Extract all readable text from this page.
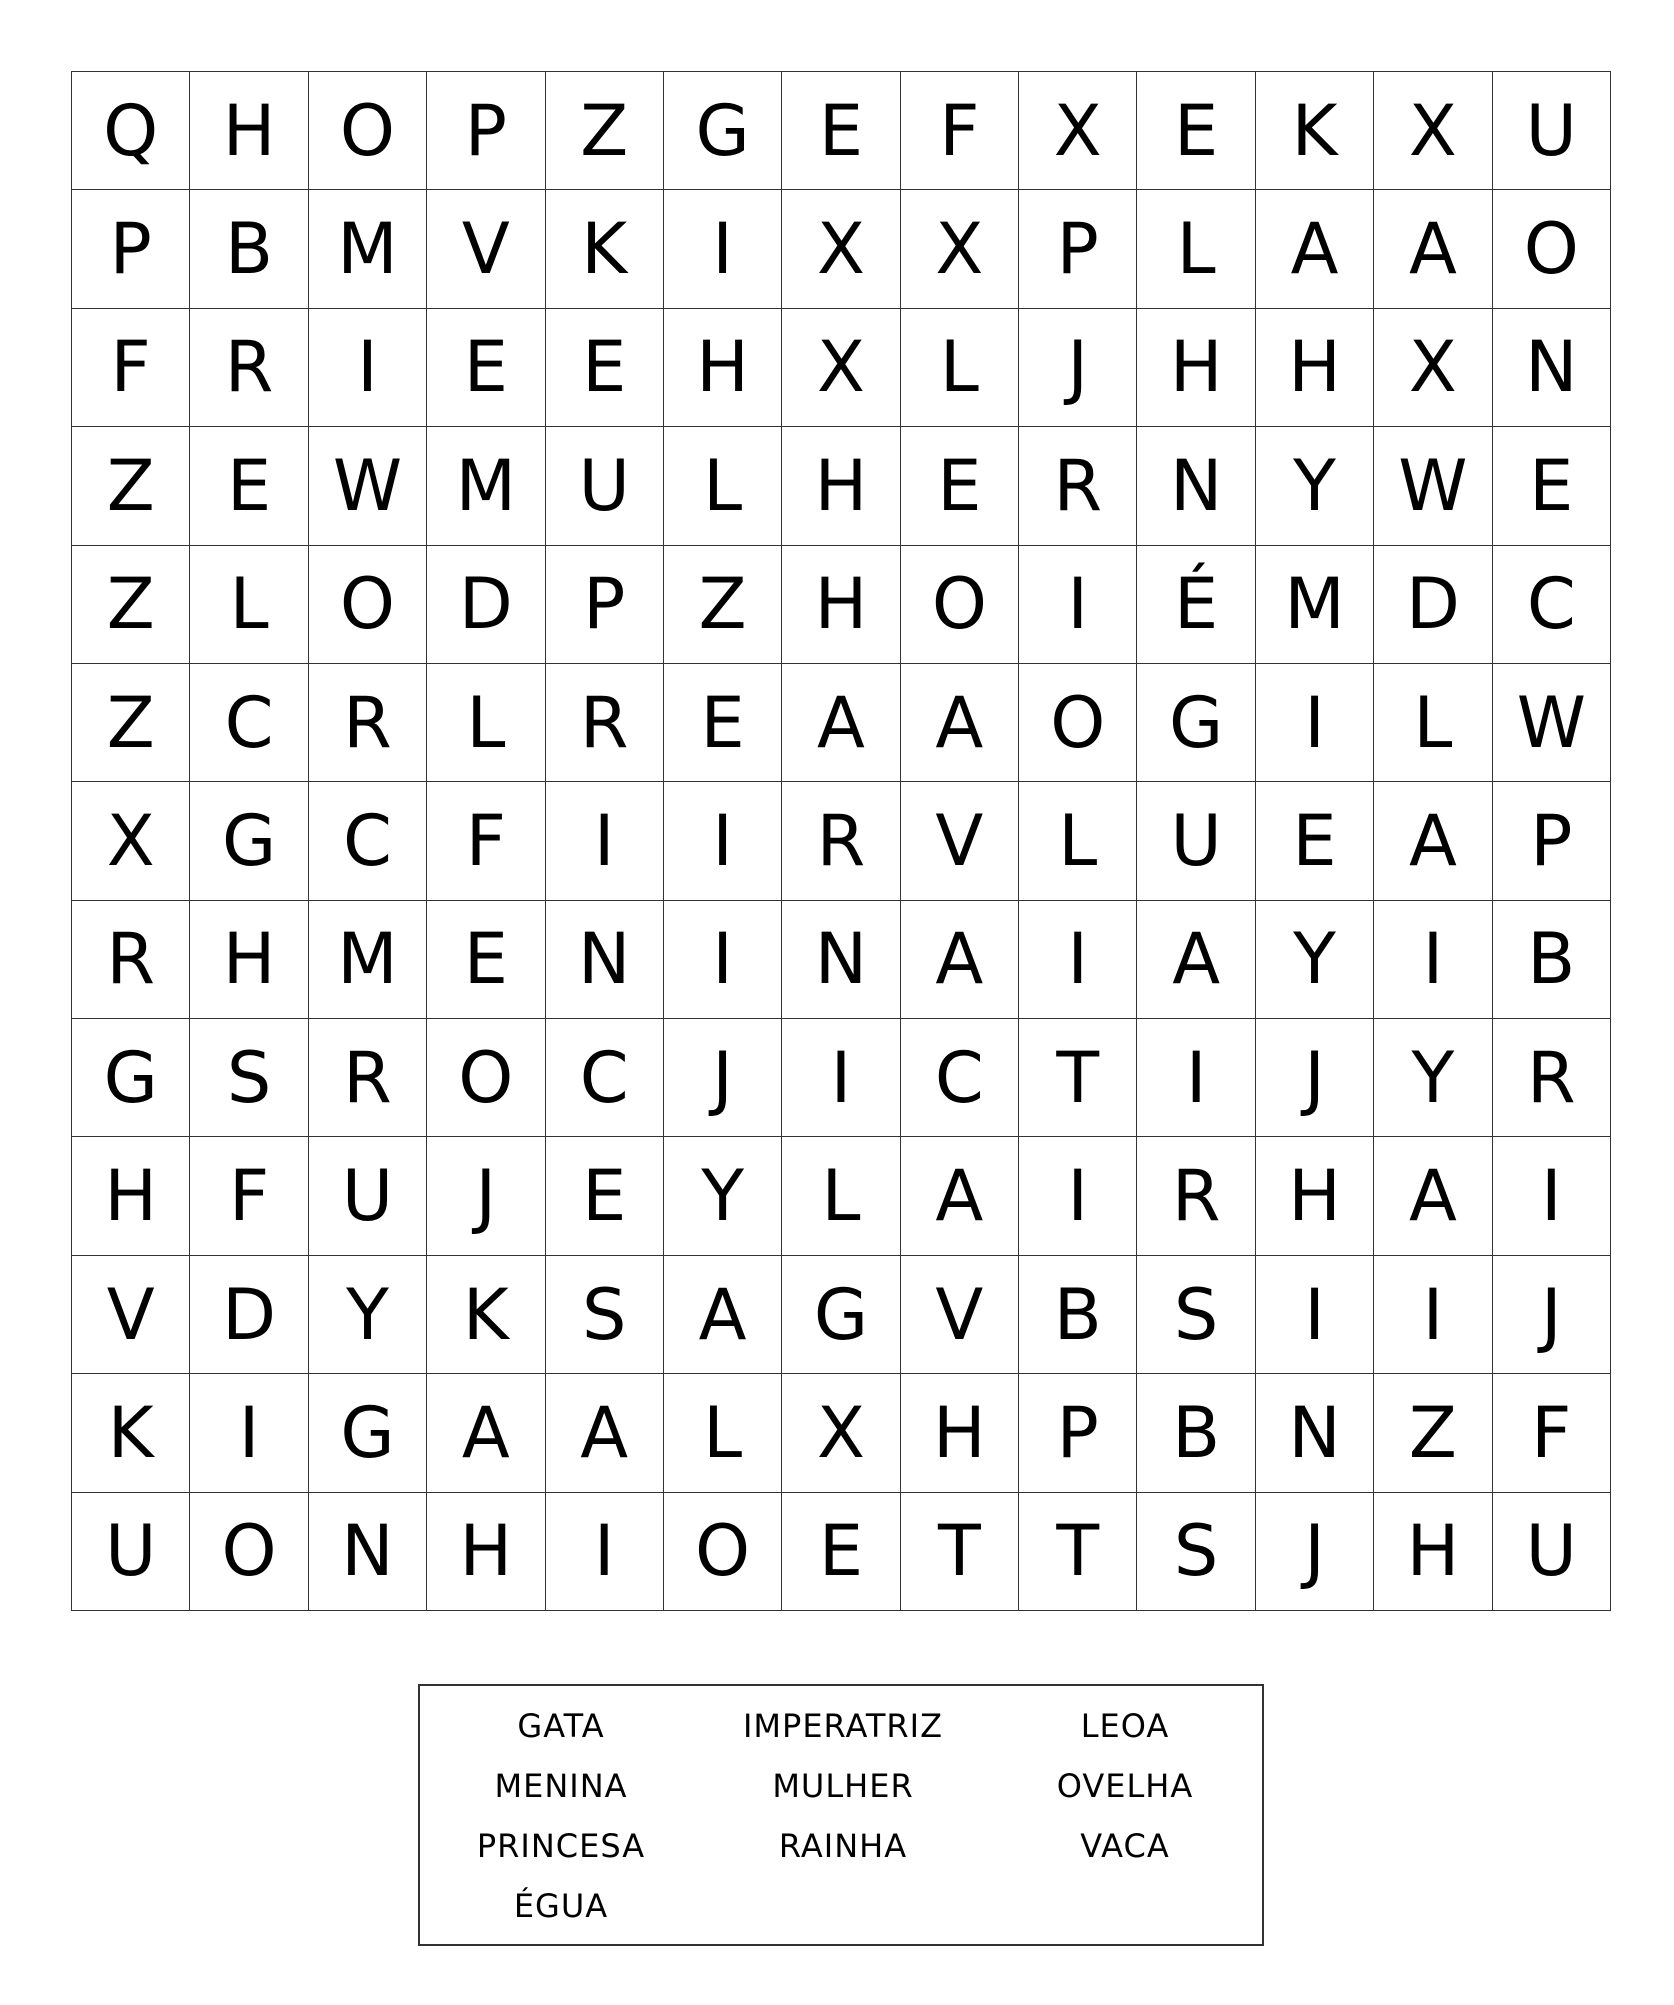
Q H O P	Z G E	F	X	E	K	X U
P	B M V	K	I	X	X	P	L	A	A O
F	R	I	E	E H X	L	J	H H X N
Z	E W M U	L	H E	R N	Y W E
Z	L	O D	P	Z H O	I	É M D C
Z C R	L	R	E	A	A O G	I	L W
X G C	F	I	I	R	V	L	U	E	A	P
R H M E	N	I	N A	I	A	Y	I	B
G S	R O C	J	I	C	T	I	J	Y	R
H	F	U	J	E	Y	L	A	I	R H A	I
V D	Y	K	S	A G V	B	S	I	I	J
K	I	G A	A	L	X H	P	B N Z	F
U O N H	I	O E	T	T	S	J	H U
GATA	IMPERATRIZ	LEOA
MENINA	MULHER	OVELHA
PRINCESA	RAINHA	VACA
ÉGUA
